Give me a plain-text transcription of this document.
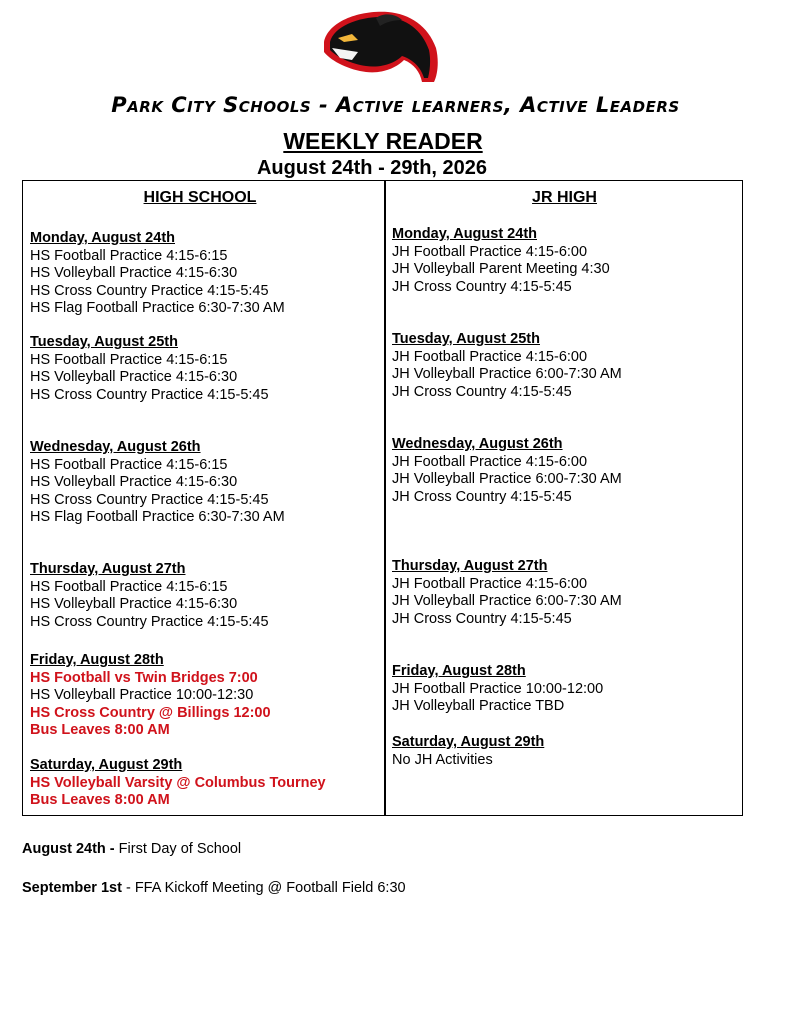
Park City Schools - Active learners, Active Leaders
WEEKLY READER
August 24th - 29th, 2026
HIGH SCHOOL
Monday, August 24th
HS Football Practice 4:15-6:15
HS Volleyball Practice 4:15-6:30
HS Cross Country Practice 4:15-5:45
HS Flag Football Practice 6:30-7:30 AM
Tuesday, August 25th
HS Football Practice 4:15-6:15
HS Volleyball Practice 4:15-6:30
HS Cross Country Practice 4:15-5:45
Wednesday, August 26th
HS Football Practice 4:15-6:15
HS Volleyball Practice 4:15-6:30
HS Cross Country Practice 4:15-5:45
HS Flag Football Practice 6:30-7:30 AM
Thursday, August 27th
HS Football Practice 4:15-6:15
HS Volleyball Practice 4:15-6:30
HS Cross Country Practice 4:15-5:45
Friday, August 28th
HS Football vs Twin Bridges 7:00
HS Volleyball Practice 10:00-12:30
HS Cross Country @ Billings 12:00
Bus Leaves 8:00 AM
Saturday, August 29th
HS Volleyball Varsity @ Columbus Tourney
Bus Leaves 8:00 AM
JR HIGH
Monday, August 24th
JH Football Practice 4:15-6:00
JH Volleyball Parent Meeting 4:30
JH Cross Country 4:15-5:45
Tuesday, August 25th
JH Football Practice 4:15-6:00
JH Volleyball Practice 6:00-7:30 AM
JH Cross Country 4:15-5:45
Wednesday, August 26th
JH Football Practice 4:15-6:00
JH Volleyball Practice 6:00-7:30 AM
JH Cross Country 4:15-5:45
Thursday, August 27th
JH Football Practice 4:15-6:00
JH Volleyball Practice 6:00-7:30 AM
JH Cross Country 4:15-5:45
Friday, August 28th
JH Football Practice 10:00-12:00
JH Volleyball Practice TBD
Saturday, August 29th
No JH Activities
August 24th - First Day of School
September 1st - FFA Kickoff Meeting @ Football Field 6:30
